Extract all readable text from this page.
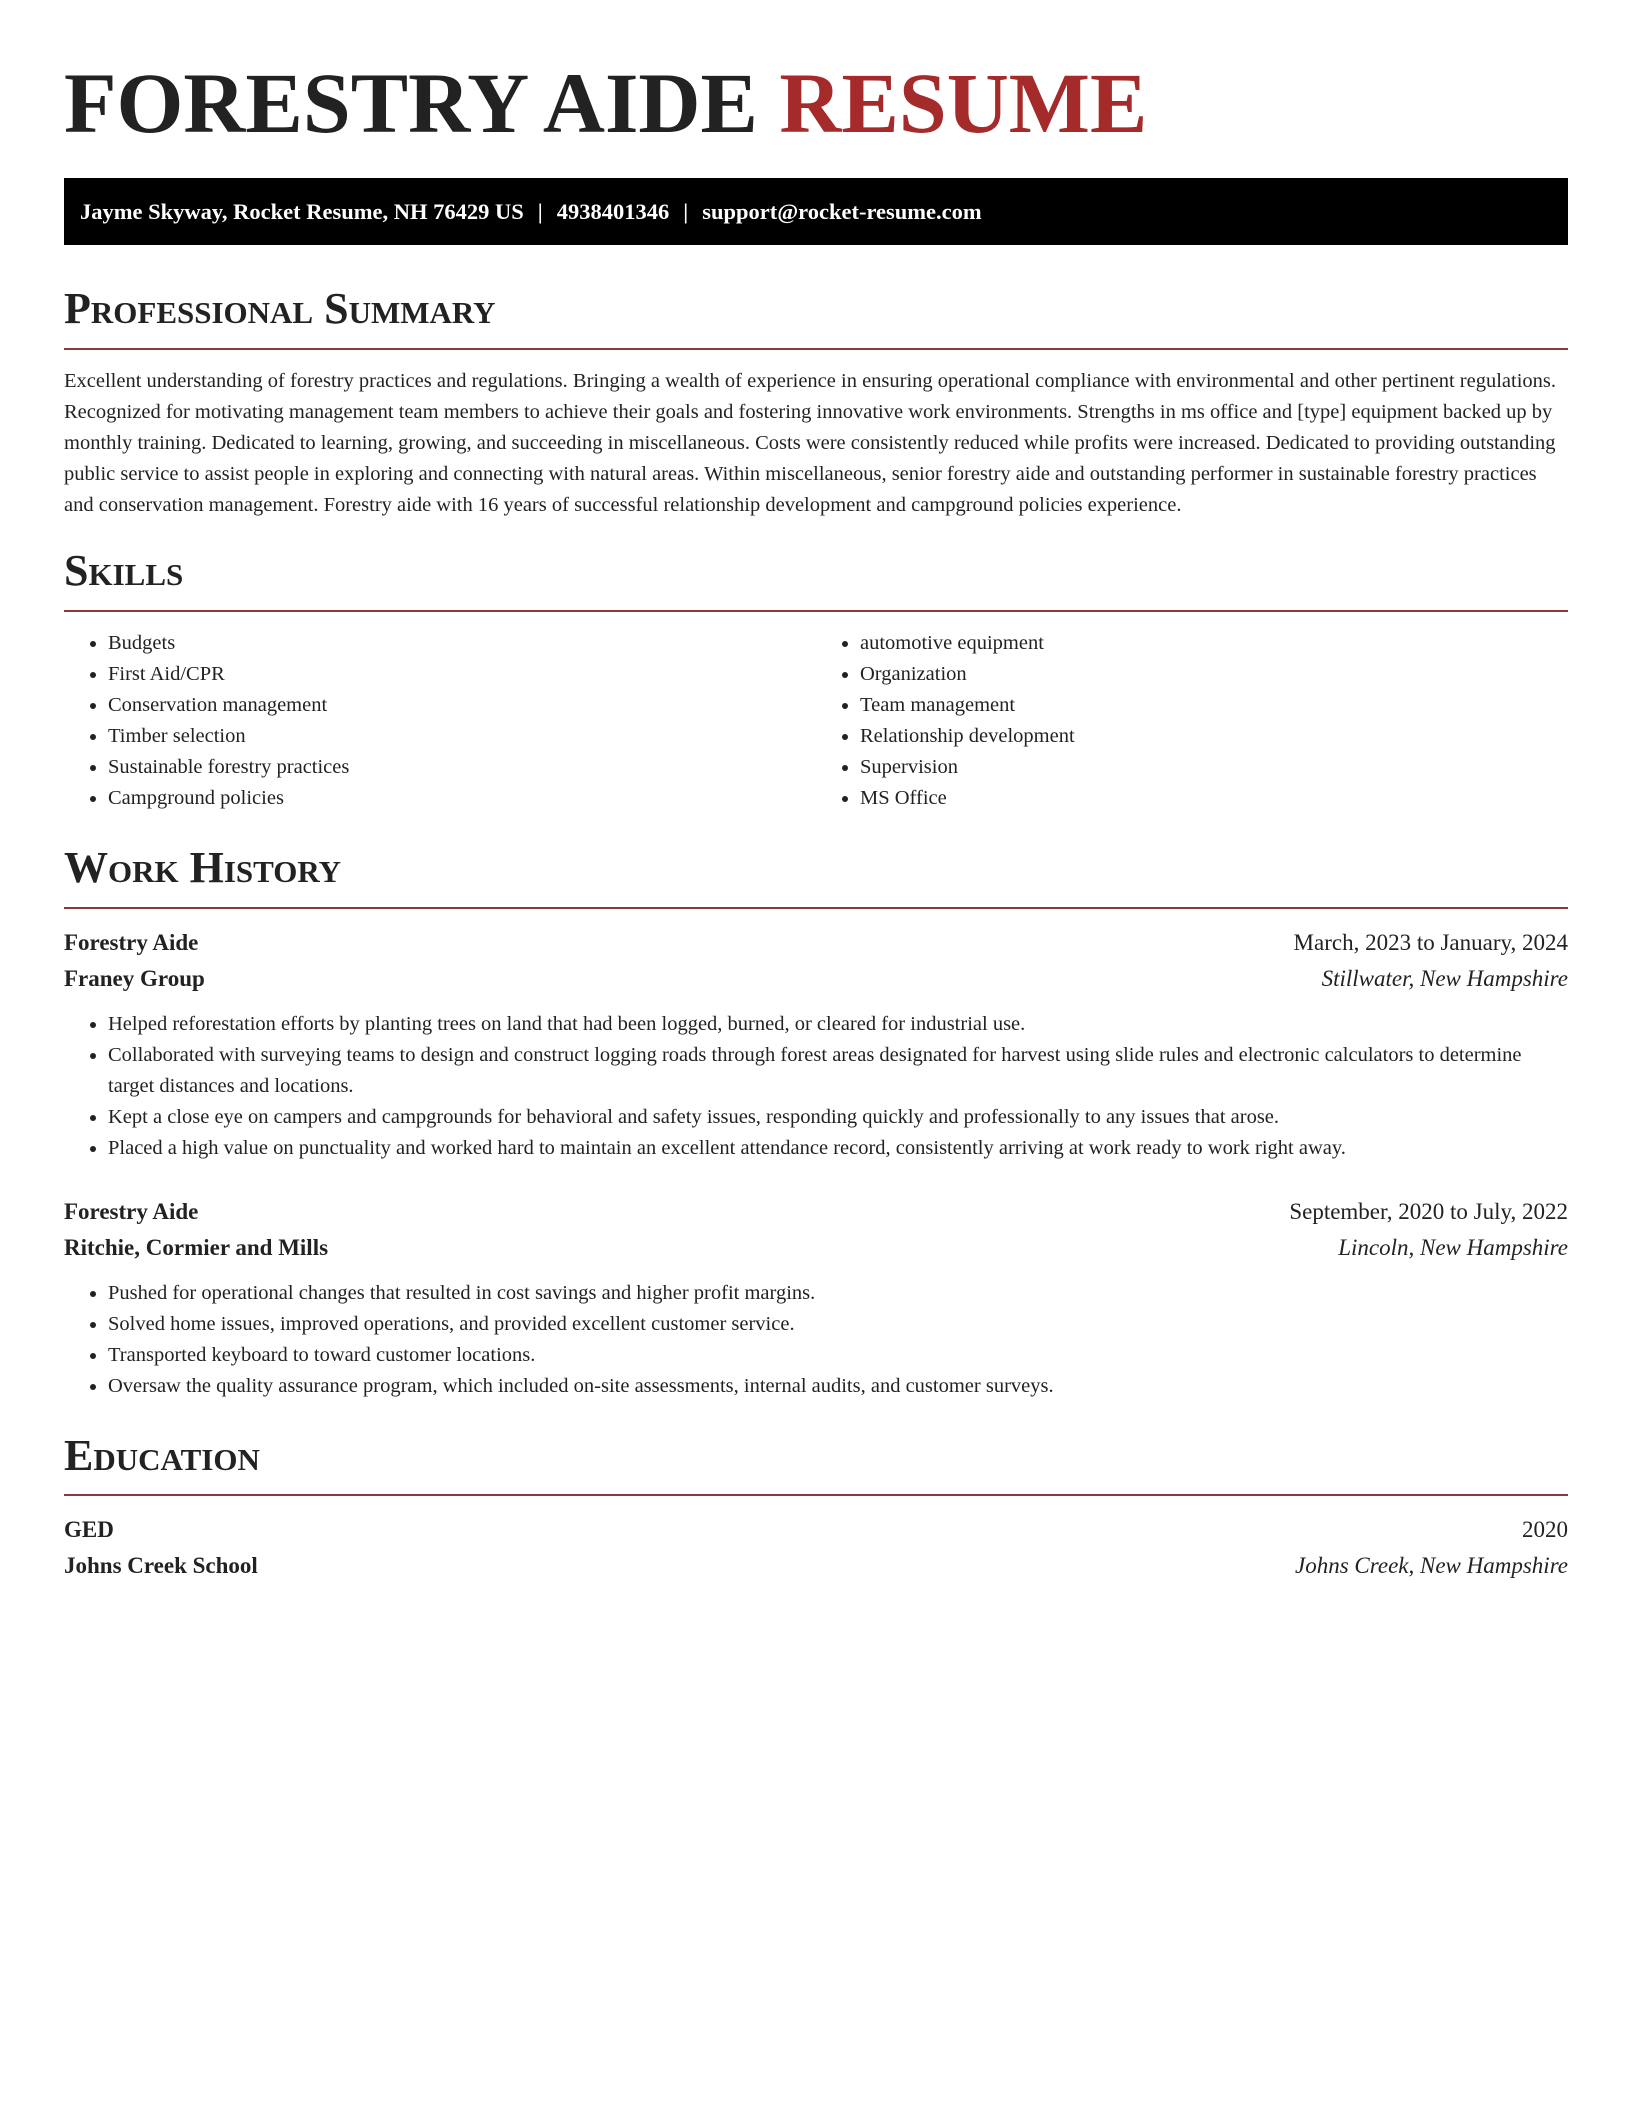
FORESTRY AIDE RESUME
Jayme Skyway, Rocket Resume, NH 76429 US | 4938401346 | support@rocket-resume.com
Professional Summary

Excellent understanding of forestry practices and regulations. Bringing a wealth of experience in ensuring operational compliance with environmental and other pertinent regulations. Recognized for motivating management team members to achieve their goals and fostering innovative work environments. Strengths in ms office and [type] equipment backed up by monthly training. Dedicated to learning, growing, and succeeding in miscellaneous. Costs were consistently reduced while profits were increased. Dedicated to providing outstanding public service to assist people in exploring and connecting with natural areas. Within miscellaneous, senior forestry aide and outstanding performer in sustainable forestry practices and conservation management. Forestry aide with 16 years of successful relationship development and campground policies experience.

Skills
• Budgets
• First Aid/CPR
• Conservation management
• Timber selection
• Sustainable forestry practices
• Campground policies
• automotive equipment
• Organization
• Team management
• Relationship development
• Supervision
• MS Office
Work History
Forestry Aide	March, 2023 to January, 2024
Franey Group	Stillwater, New Hampshire
• Helped reforestation efforts by planting trees on land that had been logged, burned, or cleared for industrial use.
• Collaborated with surveying teams to design and construct logging roads through forest areas designated for harvest using slide rules and electronic calculators to determine target distances and locations.
• Kept a close eye on campers and campgrounds for behavioral and safety issues, responding quickly and professionally to any issues that arose.
• Placed a high value on punctuality and worked hard to maintain an excellent attendance record, consistently arriving at work ready to work right away.
Forestry Aide	September, 2020 to July, 2022
Ritchie, Cormier and Mills	Lincoln, New Hampshire
• Pushed for operational changes that resulted in cost savings and higher profit margins.
• Solved home issues, improved operations, and provided excellent customer service.
• Transported keyboard to toward customer locations.
• Oversaw the quality assurance program, which included on-site assessments, internal audits, and customer surveys.
Education
GED	2020
Johns Creek School	Johns Creek, New Hampshire
